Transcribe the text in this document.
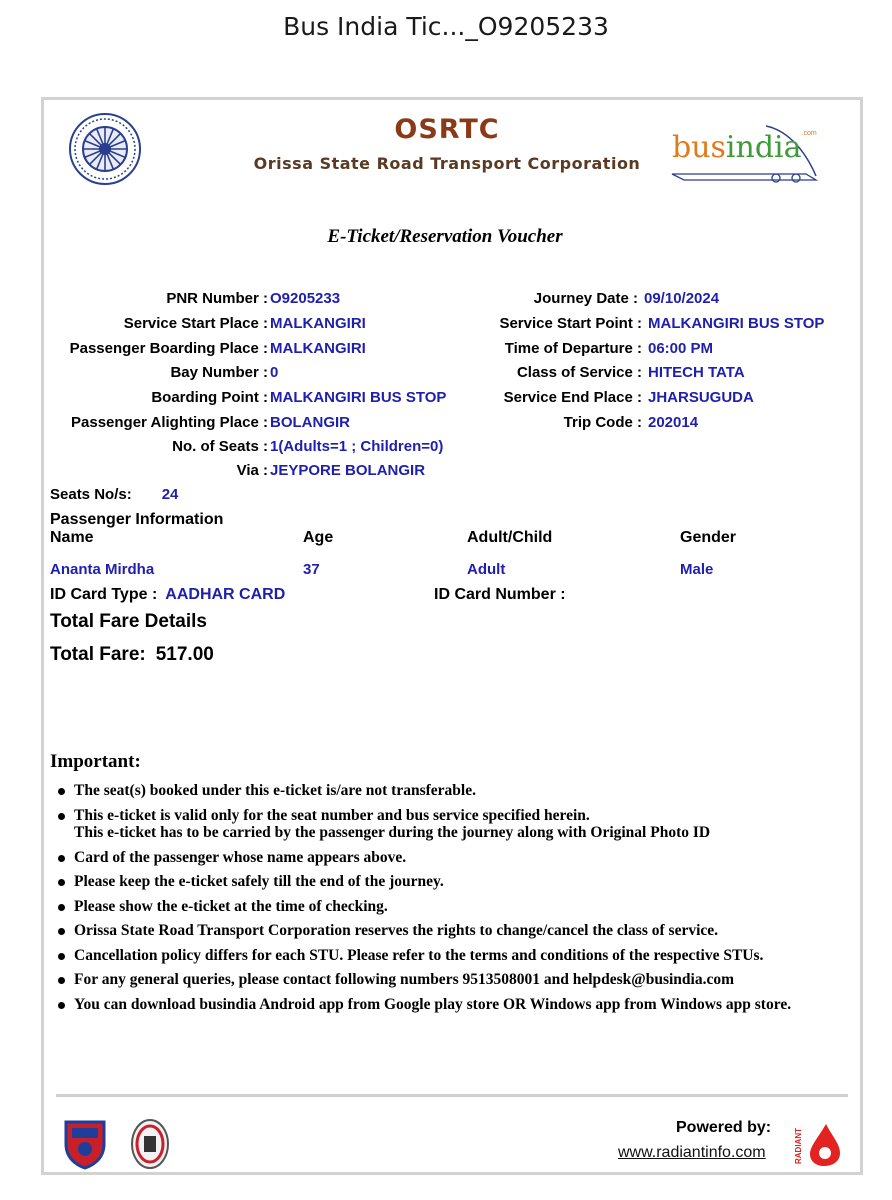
Bus India Tic..._O9205233
OSRTC
Orissa State Road Transport Corporation	busindia$^{.com}$
E-Ticket/Reservation Voucher
PNR Number : O9205233
Service Start Place : MALKANGIRI
Passenger Boarding Place : MALKANGIRI
Bay Number : 0
Boarding Point : MALKANGIRI BUS STOP
Passenger Alighting Place : BOLANGIR
No. of Seats : 1(Adults=1 ; Children=0)
Via : JEYPORE BOLANGIR
Journey Date : 09/10/2024
Service Start Point : MALKANGIRI BUS STOP
Time of Departure : 06:00 PM
Class of Service : HITECH TATA
Service End Place : JHARSUGUDA
Trip Code : 202014
Seats No/s: 24
Passenger Information
Name	Age	Adult/Child	Gender
Ananta Mirdha	37	Adult	Male
ID Card Type : AADHAR CARD	ID Card Number :
Total Fare Details
Total Fare: 517.00
Important:
The seat(s) booked under this e-ticket is/are not transferable.
This e-ticket is valid only for the seat number and bus service specified herein.
This e-ticket has to be carried by the passenger during the journey along with Original Photo ID
Card of the passenger whose name appears above.
Please keep the e-ticket safely till the end of the journey.
Please show the e-ticket at the time of checking.
Orissa State Road Transport Corporation reserves the rights to change/cancel the class of service.
Cancellation policy differs for each STU. Please refer to the terms and conditions of the respective STUs.
For any general queries, please contact following numbers 9513508001 and helpdesk@busindia.com
You can download busindia Android app from Google play store OR Windows app from Windows app store.
Powered by:
www.radiantinfo.com	RADIANT
